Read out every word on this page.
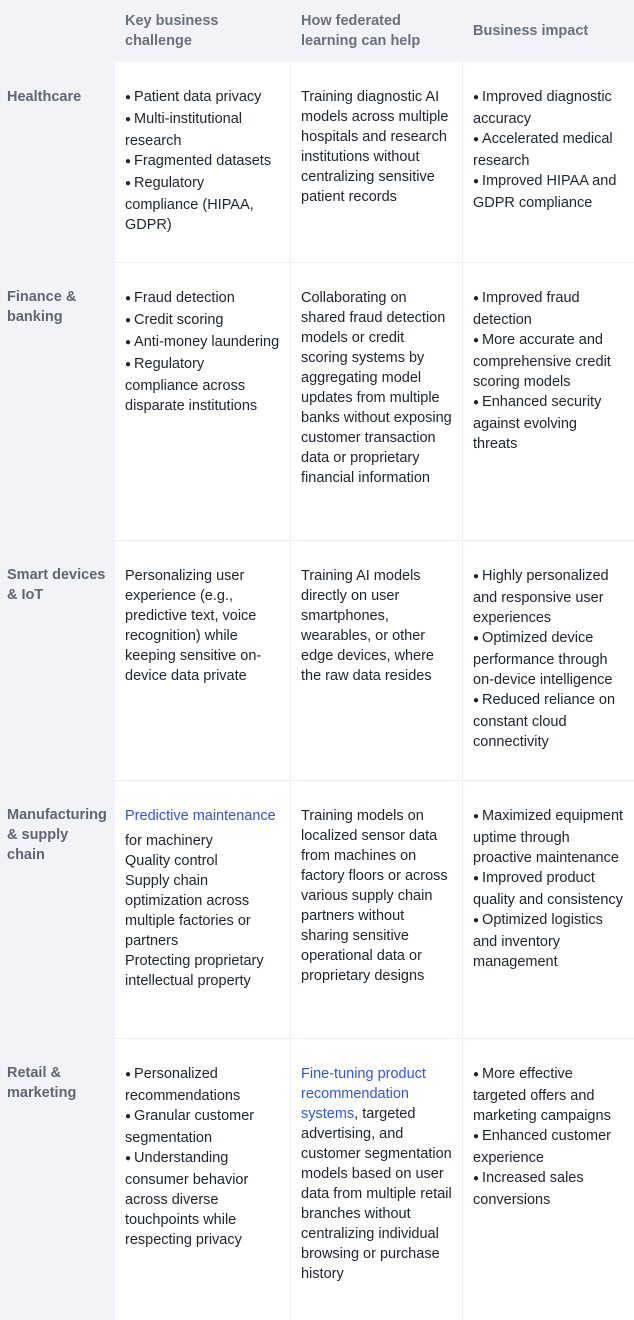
Key business challenge
How federated learning can help
Business impact
Healthcare
●	Patient data privacy
● Multi-institutional research
● Fragmented datasets
● Regulatory compliance (HIPAA, GDPR)
Training diagnostic AI models across multiple hospitals and research institutions without centralizing sensitive patient records
● Improved diagnostic accuracy
● Accelerated medical research
● Improved HIPAA and GDPR compliance
Finance & banking
● Fraud detection
● Credit scoring
● Anti-money laundering
● Regulatory compliance across disparate institutions
Collaborating on shared fraud detection models or credit scoring systems by aggregating model updates from multiple banks without exposing customer transaction data or proprietary financial information
● Improved fraud detection
● More accurate and comprehensive credit scoring models
● Enhanced security against evolving threats
Smart devices & IoT
Personalizing user experience (e.g., predictive text, voice recognition) while keeping sensitive on-device data private
Training AI models directly on user smartphones, wearables, or other edge devices, where the raw data resides
● Highly personalized and responsive user experiences
● Optimized device performance through on-device intelligence
● Reduced reliance on constant cloud connectivity
Manufacturing & supply chain
Predictive maintenance
for machinery
Quality control
Supply chain optimization across multiple factories or partners
Protecting proprietary intellectual property
Training models on localized sensor data from machines on factory floors or across various supply chain partners without sharing sensitive operational data or proprietary designs
● Maximized equipment uptime through proactive maintenance
● Improved product quality and consistency
● Optimized logistics and inventory management
Retail & marketing
● Personalized recommendations
● Granular customer segmentation
● Understanding consumer behavior across diverse touchpoints while respecting privacy
Fine-tuning product recommendation systems, targeted advertising, and customer segmentation models based on user data from multiple retail branches without centralizing individual browsing or purchase history
● More effective targeted offers and marketing campaigns
● Enhanced customer experience
● Increased sales conversions
